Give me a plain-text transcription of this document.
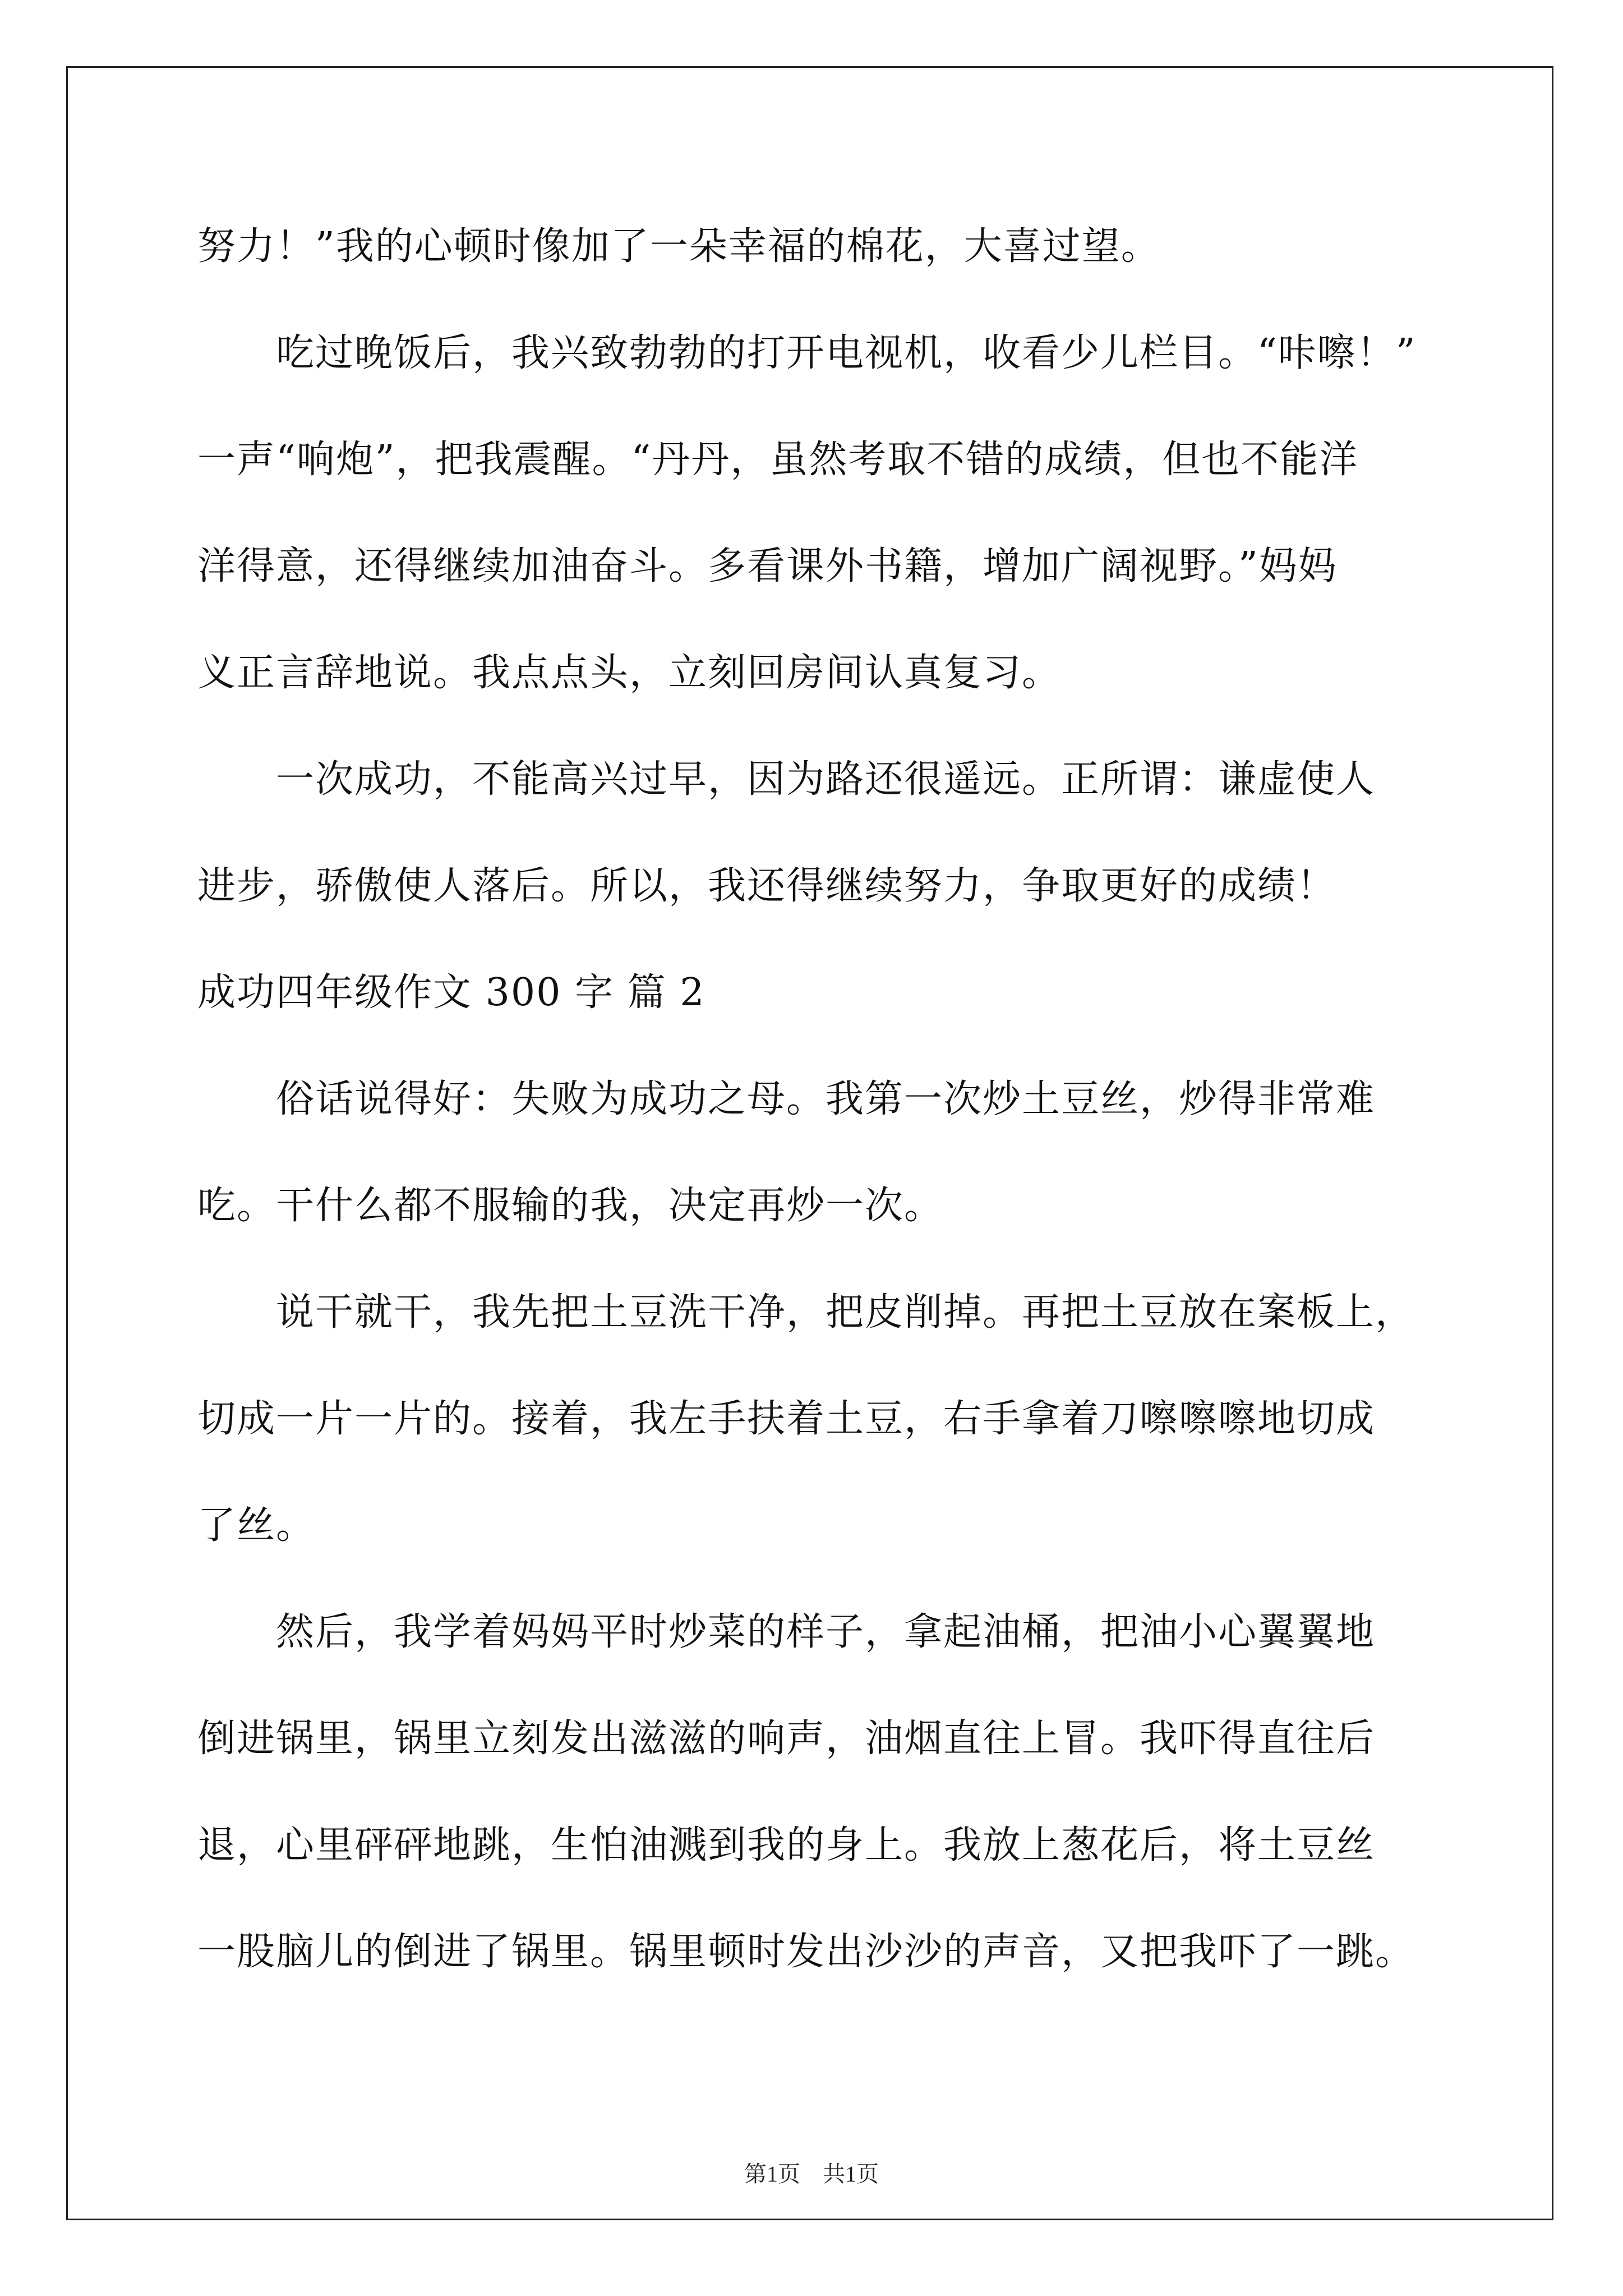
努力！”我的心顿时像加了一朵幸福的棉花，大喜过望。
　　吃过晚饭后，我兴致勃勃的打开电视机，收看少儿栏目。“咔嚓！”
一声“响炮”，把我震醒。“丹丹，虽然考取不错的成绩，但也不能洋
洋得意，还得继续加油奋斗。多看课外书籍，增加广阔视野。”妈妈
义正言辞地说。我点点头，立刻回房间认真复习。
　　一次成功，不能高兴过早，因为路还很遥远。正所谓：谦虚使人
进步，骄傲使人落后。所以，我还得继续努力，争取更好的成绩！
成功四年级作文 300 字 篇 2
　　俗话说得好：失败为成功之母。我第一次炒土豆丝，炒得非常难
吃。干什么都不服输的我，决定再炒一次。
　　说干就干，我先把土豆洗干净，把皮削掉。再把土豆放在案板上，
切成一片一片的。接着，我左手扶着土豆，右手拿着刀嚓嚓嚓地切成
了丝。
　　然后，我学着妈妈平时炒菜的样子，拿起油桶，把油小心翼翼地
倒进锅里，锅里立刻发出滋滋的响声，油烟直往上冒。我吓得直往后
退，心里砰砰地跳，生怕油溅到我的身上。我放上葱花后，将土豆丝
一股脑儿的倒进了锅里。锅里顿时发出沙沙的声音，又把我吓了一跳。
第1页　共1页
